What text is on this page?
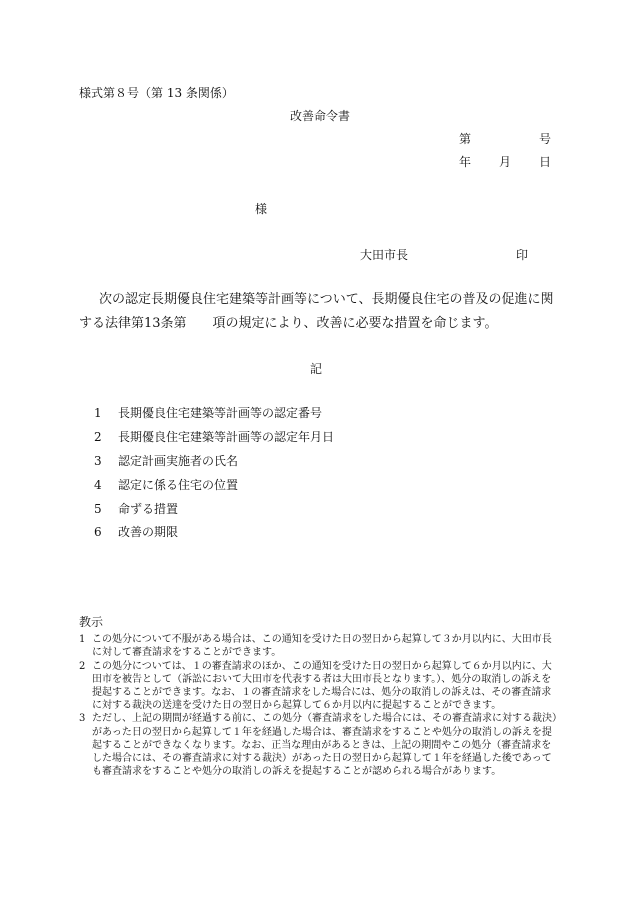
様式第８号（第 13 条関係）
改善命令書
第	号
年 月 日
様
大田市長	印
次の認定長期優良住宅建築等計画等について、長期優良住宅の普及の促進に関する法律第13条第　　項の規定により、改善に必要な措置を命じます。
記
1 長期優良住宅建築等計画等の認定番号
2 長期優良住宅建築等計画等の認定年月日
3 認定計画実施者の氏名
4 認定に係る住宅の位置
5 命ずる措置
6 改善の期限

教示

1 この処分について不服がある場合は、この通知を受けた日の翌日から起算して３か月以内に、大田市長に対して審査請求をすることができます。

2 この処分については、１の審査請求のほか、この通知を受けた日の翌日から起算して６か月以内に、大田市を被告として（訴訟において大田市を代表する者は大田市長となります。）、処分の取消しの訴えを提起することができます。なお、１の審査請求をした場合には、処分の取消しの訴えは、その審査請求に対する裁決の送達を受けた日の翌日から起算して６か月以内に提起することができます。

3 ただし、上記の期間が経過する前に、この処分（審査請求をした場合には、その審査請求に対する裁決）があった日の翌日から起算して１年を経過した場合は、審査請求をすることや処分の取消しの訴えを提起することができなくなります。なお、正当な理由があるときは、上記の期間やこの処分（審査請求をした場合には、その審査請求に対する裁決）があった日の翌日から起算して１年を経過した後であっても審査請求をすることや処分の取消しの訴えを提起することが認められる場合があります。
